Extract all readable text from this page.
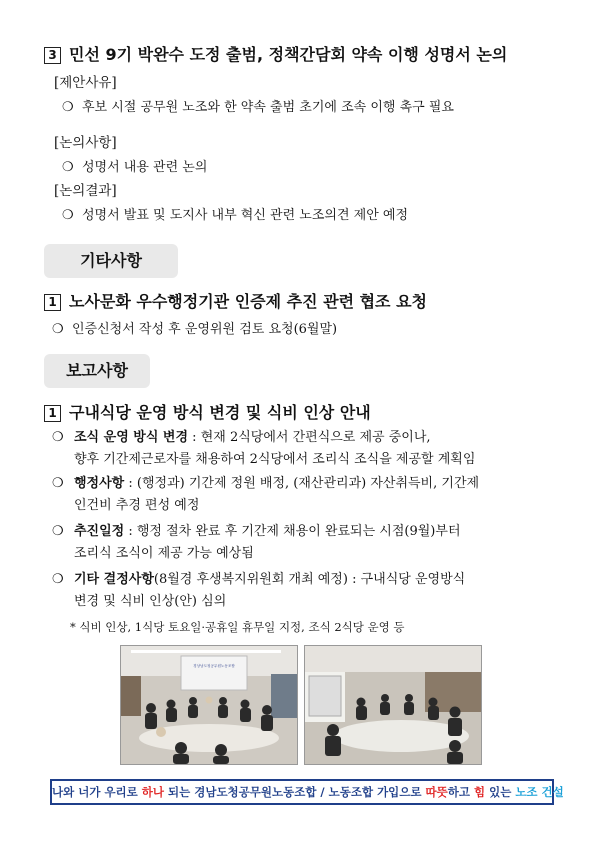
3 민선 9기 박완수 도정 출범, 정책간담회 약속 이행 성명서 논의
[제안사유]
❍ 후보 시절 공무원 노조와 한 약속 출범 초기에 조속 이행 촉구 필요
[논의사항]
❍ 성명서 내용 관련 논의
[논의결과]
❍ 성명서 발표 및 도지사 내부 혁신 관련 노조의견 제안 예정
기타사항
1 노사문화 우수행정기관 인증제 추진 관련 협조 요청
❍ 인증신청서 작성 후 운영위원 검토 요청(6월말)
보고사항
1 구내식당 운영 방식 변경 및 식비 인상 안내
❍ 조식 운영 방식 변경 : 현재 2식당에서 간편식으로 제공 중이나,
향후 기간제근로자를 채용하여 2식당에서 조리식 조식을 제공할 계획임
❍ 행정사항 : (행정과) 기간제 정원 배정, (재산관리과) 자산취득비, 기간제
인건비 추경 편성 예정
❍ 추진일정 : 행정 절차 완료 후 기간제 채용이 완료되는 시점(9월)부터
조리식 조식이 제공 가능 예상됨
❍ 기타 결정사항(8월경 후생복지위원회 개최 예정) : 구내식당 운영방식
변경 및 식비 인상(안) 심의
* 식비 인상, 1식당 토요일·공휴일 휴무일 지정, 조식 2식당 운영 등
경상남도청공무원노동조합
나와 너가 우리로 하나 되는 경남도청공무원노동조합 / 노동조합 가입으로 따뜻하고 힘 있는 노조 건설
